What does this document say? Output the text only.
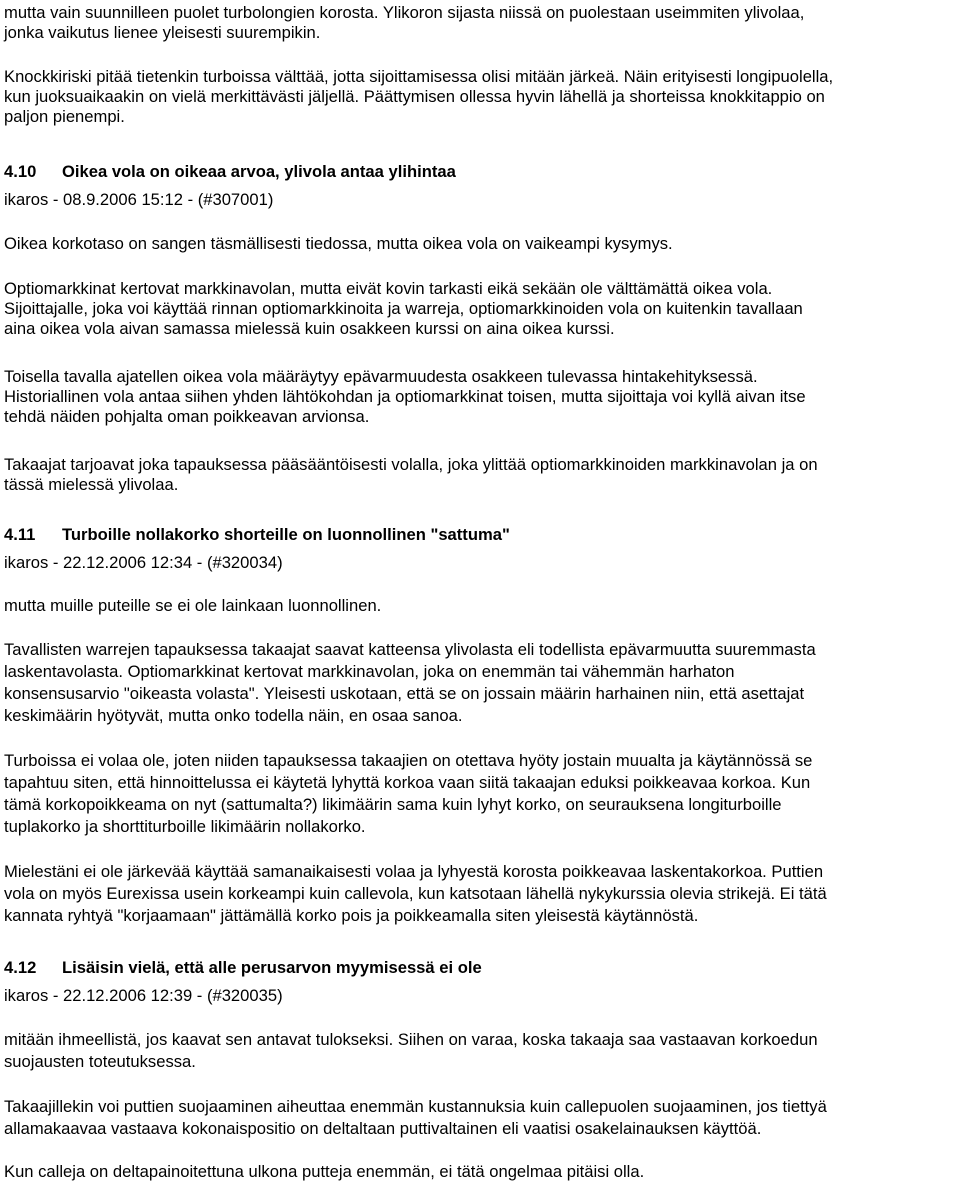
mutta vain suunnilleen puolet turbolongien korosta. Ylikoron sijasta niissä on puolestaan useimmiten ylivolaa,
jonka vaikutus lienee yleisesti suurempikin.
Knockkiriski pitää tietenkin turboissa välttää, jotta sijoittamisessa olisi mitään järkeä. Näin erityisesti longipuolella,
kun juoksuaikaakin on vielä merkittävästi jäljellä. Päättymisen ollessa hyvin lähellä ja shorteissa knokkitappio on
paljon pienempi.
4.10 Oikea vola on oikeaa arvoa, ylivola antaa ylihintaa
ikaros - 08.9.2006 15:12 - (#307001)
Oikea korkotaso on sangen täsmällisesti tiedossa, mutta oikea vola on vaikeampi kysymys.
Optiomarkkinat kertovat markkinavolan, mutta eivät kovin tarkasti eikä sekään ole välttämättä oikea vola.
Sijoittajalle, joka voi käyttää rinnan optiomarkkinoita ja warreja, optiomarkkinoiden vola on kuitenkin tavallaan
aina oikea vola aivan samassa mielessä kuin osakkeen kurssi on aina oikea kurssi.
Toisella tavalla ajatellen oikea vola määräytyy epävarmuudesta osakkeen tulevassa hintakehityksessä.
Historiallinen vola antaa siihen yhden lähtökohdan ja optiomarkkinat toisen, mutta sijoittaja voi kyllä aivan itse
tehdä näiden pohjalta oman poikkeavan arvionsa.
Takaajat tarjoavat joka tapauksessa pääsääntöisesti volalla, joka ylittää optiomarkkinoiden markkinavolan ja on
tässä mielessä ylivolaa.
4.11 Turboille nollakorko shorteille on luonnollinen "sattuma"
ikaros - 22.12.2006 12:34 - (#320034)
mutta muille puteille se ei ole lainkaan luonnollinen.
Tavallisten warrejen tapauksessa takaajat saavat katteensa ylivolasta eli todellista epävarmuutta suuremmasta
laskentavolasta. Optiomarkkinat kertovat markkinavolan, joka on enemmän tai vähemmän harhaton
konsensusarvio "oikeasta volasta". Yleisesti uskotaan, että se on jossain määrin harhainen niin, että asettajat
keskimäärin hyötyvät, mutta onko todella näin, en osaa sanoa.
Turboissa ei volaa ole, joten niiden tapauksessa takaajien on otettava hyöty jostain muualta ja käytännössä se
tapahtuu siten, että hinnoittelussa ei käytetä lyhyttä korkoa vaan siitä takaajan eduksi poikkeavaa korkoa. Kun
tämä korkopoikkeama on nyt (sattumalta?) likimäärin sama kuin lyhyt korko, on seurauksena longiturboille
tuplakorko ja shorttiturboille likimäärin nollakorko.
Mielestäni ei ole järkevää käyttää samanaikaisesti volaa ja lyhyestä korosta poikkeavaa laskentakorkoa. Puttien
vola on myös Eurexissa usein korkeampi kuin callevola, kun katsotaan lähellä nykykurssia olevia strikejä. Ei tätä
kannata ryhtyä "korjaamaan" jättämällä korko pois ja poikkeamalla siten yleisestä käytännöstä.
4.12 Lisäisin vielä, että alle perusarvon myymisessä ei ole
ikaros - 22.12.2006 12:39 - (#320035)
mitään ihmeellistä, jos kaavat sen antavat tulokseksi. Siihen on varaa, koska takaaja saa vastaavan korkoedun
suojausten toteutuksessa.
Takaajillekin voi puttien suojaaminen aiheuttaa enemmän kustannuksia kuin callepuolen suojaaminen, jos tiettyä
allamakaavaa vastaava kokonaispositio on deltaltaan puttivaltainen eli vaatisi osakelainauksen käyttöä.
Kun calleja on deltapainoitettuna ulkona putteja enemmän, ei tätä ongelmaa pitäisi olla.
